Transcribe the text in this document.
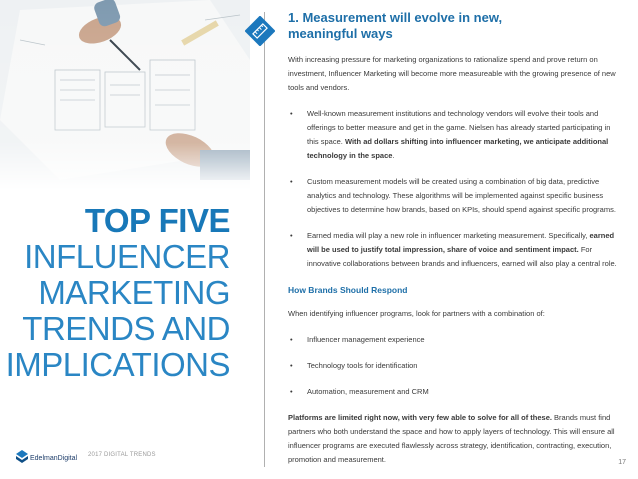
TOP FIVE
INFLUENCER
MARKETING
TRENDS AND
IMPLICATIONS
1. Measurement will evolve in new,
meaningful ways

With increasing pressure for marketing organizations to rationalize spend and prove return on investment, Influencer Marketing will become more measureable with the growing presence of new tools and vendors.

• Well-known measurement institutions and technology vendors will evolve their tools and offerings to better measure and get in the game. Nielsen has already started participating in this space. With ad dollars shifting into influencer marketing, we anticipate additional technology in the space.
• Custom measurement models will be created using a combination of big data, predictive analytics and technology. These algorithms will be implemented against specific business objectives to determine how brands, based on KPIs, should spend against specific programs.
• Earned media will play a new role in influencer marketing measurement. Specifically, earned will be used to justify total impression, share of voice and sentiment impact. For innovative collaborations between brands and influencers, earned will also play a central role.
How Brands Should Respond

When identifying influencer programs, look for partners with a combination of:

• Influencer management experience
• Technology tools for identification
• Automation, measurement and CRM

Platforms are limited right now, with very few able to solve for all of these. Brands must find partners who both understand the space and how to apply layers of technology. This will ensure all influencer programs are executed flawlessly across strategy, identification, contracting, execution, promotion and measurement.

EdelmanDigital 2017 DIGITAL TRENDS
17
